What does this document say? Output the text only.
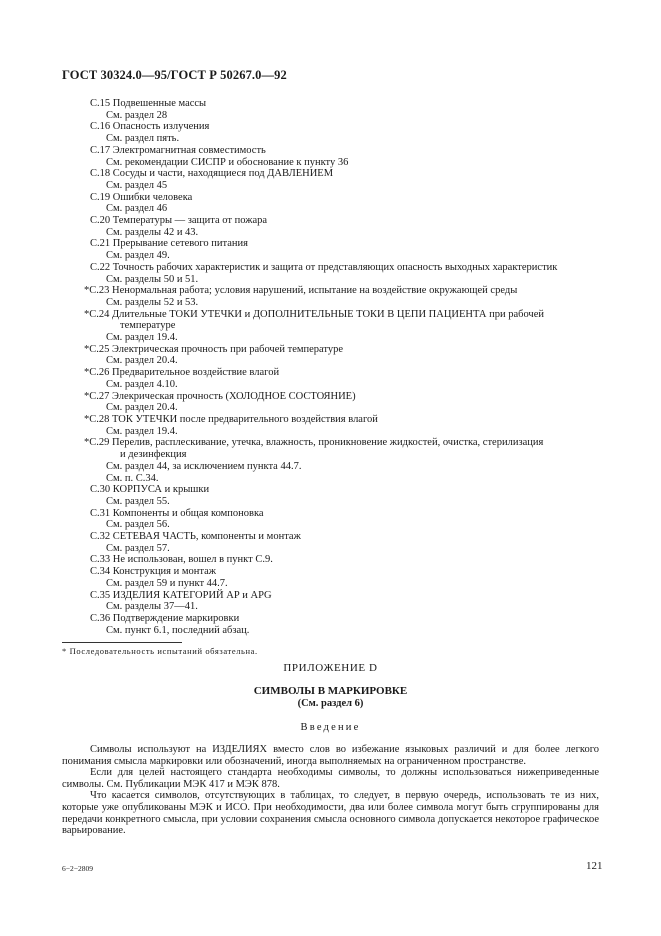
ГОСТ 30324.0—95/ГОСТ Р 50267.0—92
С.15 Подвешенные массы
См. раздел 28
С.16 Опасность излучения
См. раздел пять.
С.17 Электромагнитная совместимость
См. рекомендации СИСПР и обоснование к пункту 36
С.18 Сосуды и части, находящиеся под ДАВЛЕНИЕМ
См. раздел 45
С.19 Ошибки человека
См. раздел 46
С.20 Температуры — защита от пожара
См. разделы 42 и 43.
С.21 Прерывание сетевого питания
См. раздел 49.
С.22 Точность рабочих характеристик и защита от представляющих опасность выходных характеристик
См. разделы 50 и 51.
*С.23 Ненормальная работа; условия нарушений, испытание на воздействие окружающей среды
См. разделы 52 и 53.
*С.24 Длительные ТОКИ УТЕЧКИ и ДОПОЛНИТЕЛЬНЫЕ ТОКИ В ЦЕПИ ПАЦИЕНТА при рабочей
температуре
См. раздел 19.4.
*С.25 Электрическая прочность при рабочей температуре
См. раздел 20.4.
*С.26 Предварительное воздействие влагой
См. раздел 4.10.
*С.27 Элекрическая прочность (ХОЛОДНОЕ СОСТОЯНИЕ)
См. раздел 20.4.
*С.28 ТОК УТЕЧКИ после предварительного воздействия влагой
См. раздел 19.4.
*С.29 Перелив, расплескивание, утечка, влажность, проникновение жидкостей, очистка, стерилизация
и дезинфекция
См. раздел 44, за исключением пункта 44.7.
См. п. С.34.
С.30 КОРПУСА и крышки
См. раздел 55.
С.31 Компоненты и общая компоновка
См. раздел 56.
С.32 СЕТЕВАЯ ЧАСТЬ, компоненты и монтаж
См. раздел 57.
С.33 Не использован, вошел в пункт С.9.
С.34 Конструкция и монтаж
См. раздел 59 и пункт 44.7.
С.35 ИЗДЕЛИЯ КАТЕГОРИЙ АР и АРG
См. разделы 37—41.
С.36 Подтверждение маркировки
См. пункт 6.1, последний абзац.
* Последовательность испытаний обязательна.
ПРИЛОЖЕНИЕ D
СИМВОЛЫ В МАРКИРОВКЕ
(См. раздел 6)
Введение

Символы используют на ИЗДЕЛИЯХ вместо слов во избежание языковых различий и для более легкого понимания смысла маркировки или обозначений, иногда выполняемых на ограниченном пространстве.

Если для целей настоящего стандарта необходимы символы, то должны использоваться нижеприведенные символы. См. Публикации МЭК 417 и МЭК 878.

Что касается символов, отсутствующих в таблицах, то следует, в первую очередь, использовать те из них, которые уже опубликованы МЭК и ИСО. При необходимости, два или более символа могут быть сгруппированы для передачи конкретного смысла, при условии сохранения смысла основного символа допускается некоторое графическое варьирование.

6−2−2809	121
